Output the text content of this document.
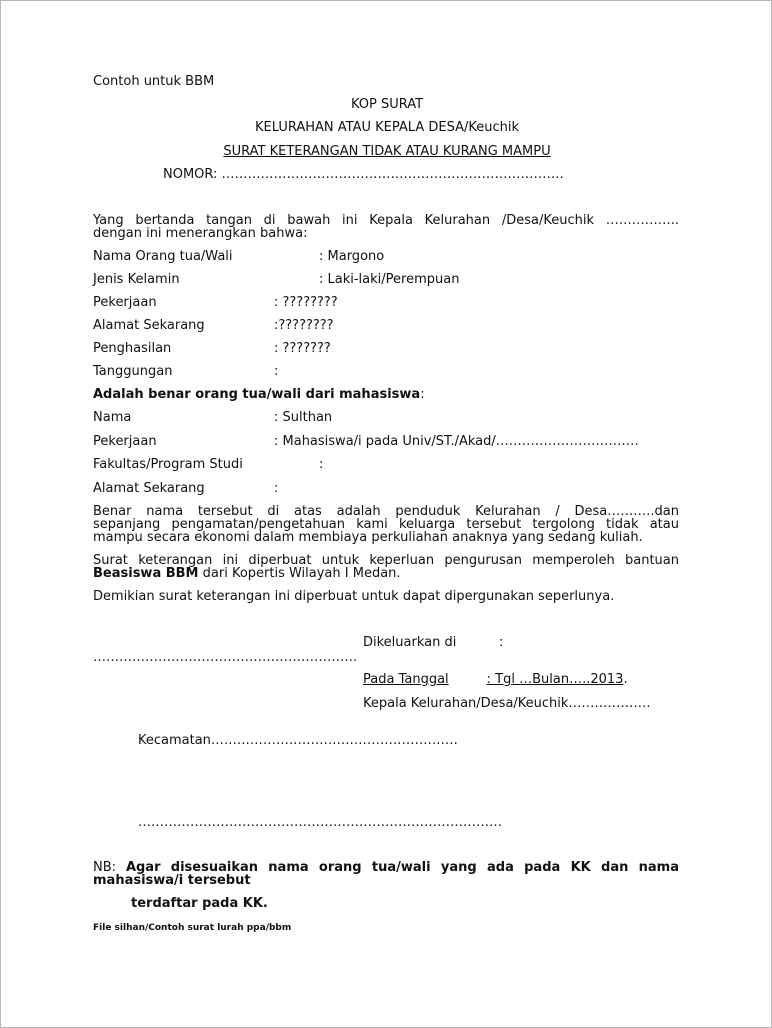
Contoh untuk BBM
KOP SURAT
KELURAHAN ATAU KEPALA DESA/Keuchik
SURAT KETERANGAN TIDAK ATAU KURANG MAMPU
NOMOR: …………………………………………………………………….
Yang bertanda tangan di bawah ini Kepala Kelurahan /Desa/Keuchik ……………..
dengan ini menerangkan bahwa:
Nama Orang tua/Wali	: Margono
Jenis Kelamin	: Laki-laki/Perempuan
Pekerjaan	: ????????
Alamat Sekarang	:????????
Penghasilan	: ???????
Tanggungan	:
Adalah benar orang tua/wali dari mahasiswa:
Nama	: Sulthan
Pekerjaan	: Mahasiswa/i pada Univ/ST./Akad/……………………………
Fakultas/Program Studi	:
Alamat Sekarang	:
Benar nama tersebut di atas adalah penduduk Kelurahan / Desa………..dan
sepanjang pengamatan/pengetahuan kami keluarga tersebut tergolong tidak atau
mampu secara ekonomi dalam membiaya perkuliahan anaknya yang sedang kuliah.
Surat keterangan ini diperbuat untuk keperluan pengurusan memperoleh bantuan
Beasiswa BBM dari Kopertis Wilayah I Medan.
Demikian surat keterangan ini diperbuat untuk dapat dipergunakan seperlunya.
Dikeluarkan di	:
…………………………………………………….
Pada Tanggal	: Tgl …Bulan…..2013.
Kepala Kelurahan/Desa/Keuchik……………….
Kecamatan…………………………………………………
…………………………………………………………………………
NB: Agar disesuaikan nama orang tua/wali yang ada pada KK dan nama
mahasiswa/i tersebut
terdaftar pada KK.
File silhan/Contoh surat lurah ppa/bbm
